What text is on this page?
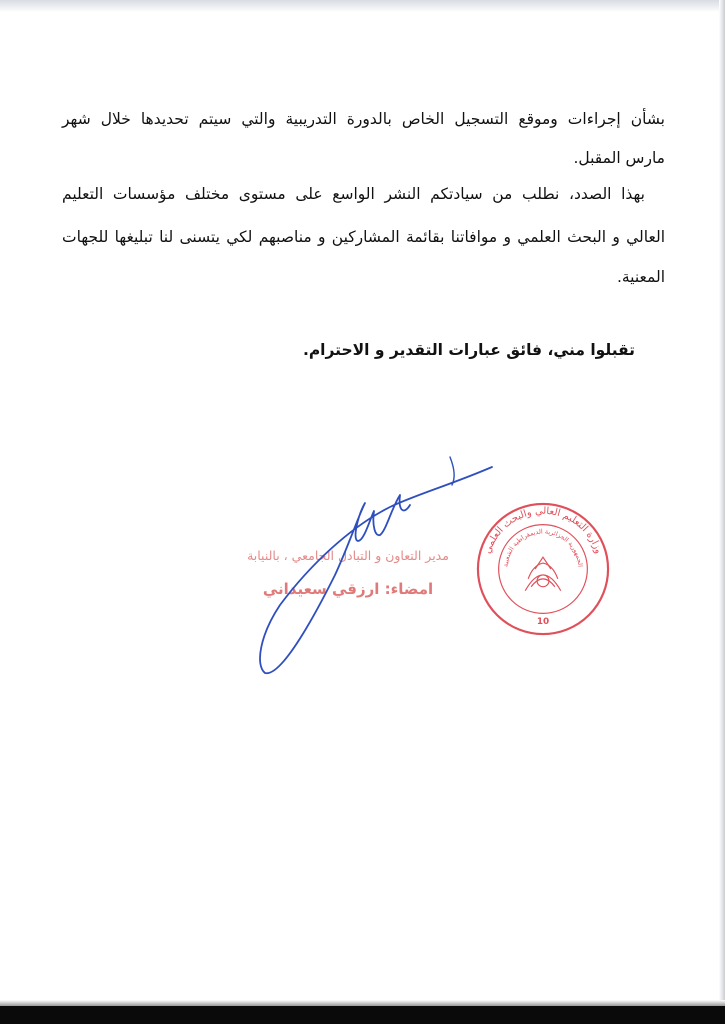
بشأن إجراءات وموقع التسجيل الخاص بالدورة التدريبية والتي سيتم تحديدها خلال شهر
مارس المقبل.
بهذا الصدد، نطلب من سيادتكم النشر الواسع على مستوى مختلف مؤسسات التعليم
العالي و البحث العلمي و موافاتنا بقائمة المشاركين و مناصبهم لكي يتسنى لنا تبليغها للجهات
المعنية.
تقبلوا مني، فائق عبارات التقدير و الاحترام.
مدير التعاون و التبادل الجامعي ، بالنيابة
امضاء: ارزقي سعيداني
وزارة التعليم العالي والبحث العلمي
الجمهورية الجزائرية الديمقراطية الشعبية
10
